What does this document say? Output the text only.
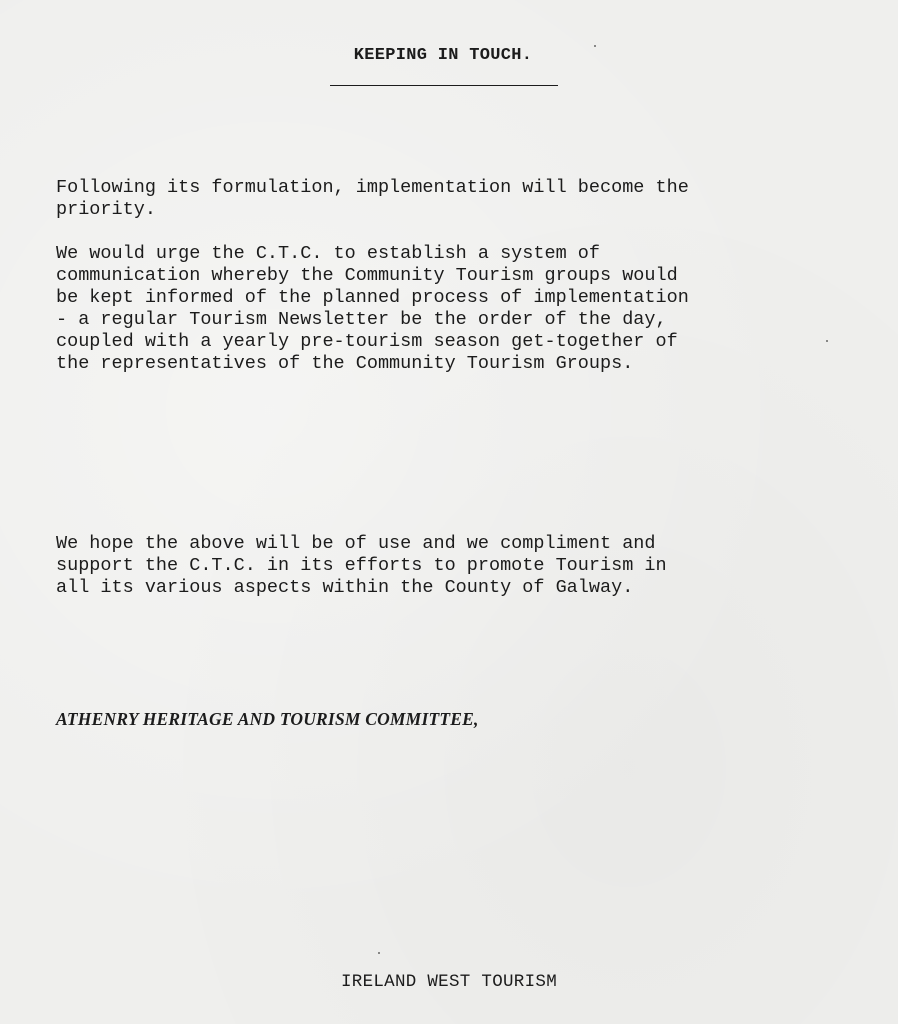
KEEPING IN TOUCH.

Following its formulation, implementation will become the
priority.

We would urge the C.T.C. to establish a system of
communication whereby the Community Tourism groups would
be kept informed of the planned process of implementation
- a regular Tourism Newsletter be the order of the day,
coupled with a yearly pre-tourism season get-together of
the representatives of the Community Tourism Groups.

We hope the above will be of use and we compliment and
support the C.T.C. in its efforts to promote Tourism in
all its various aspects within the County of Galway.

ATHENRY HERITAGE AND TOURISM COMMITTEE,
IRELAND WEST TOURISM
